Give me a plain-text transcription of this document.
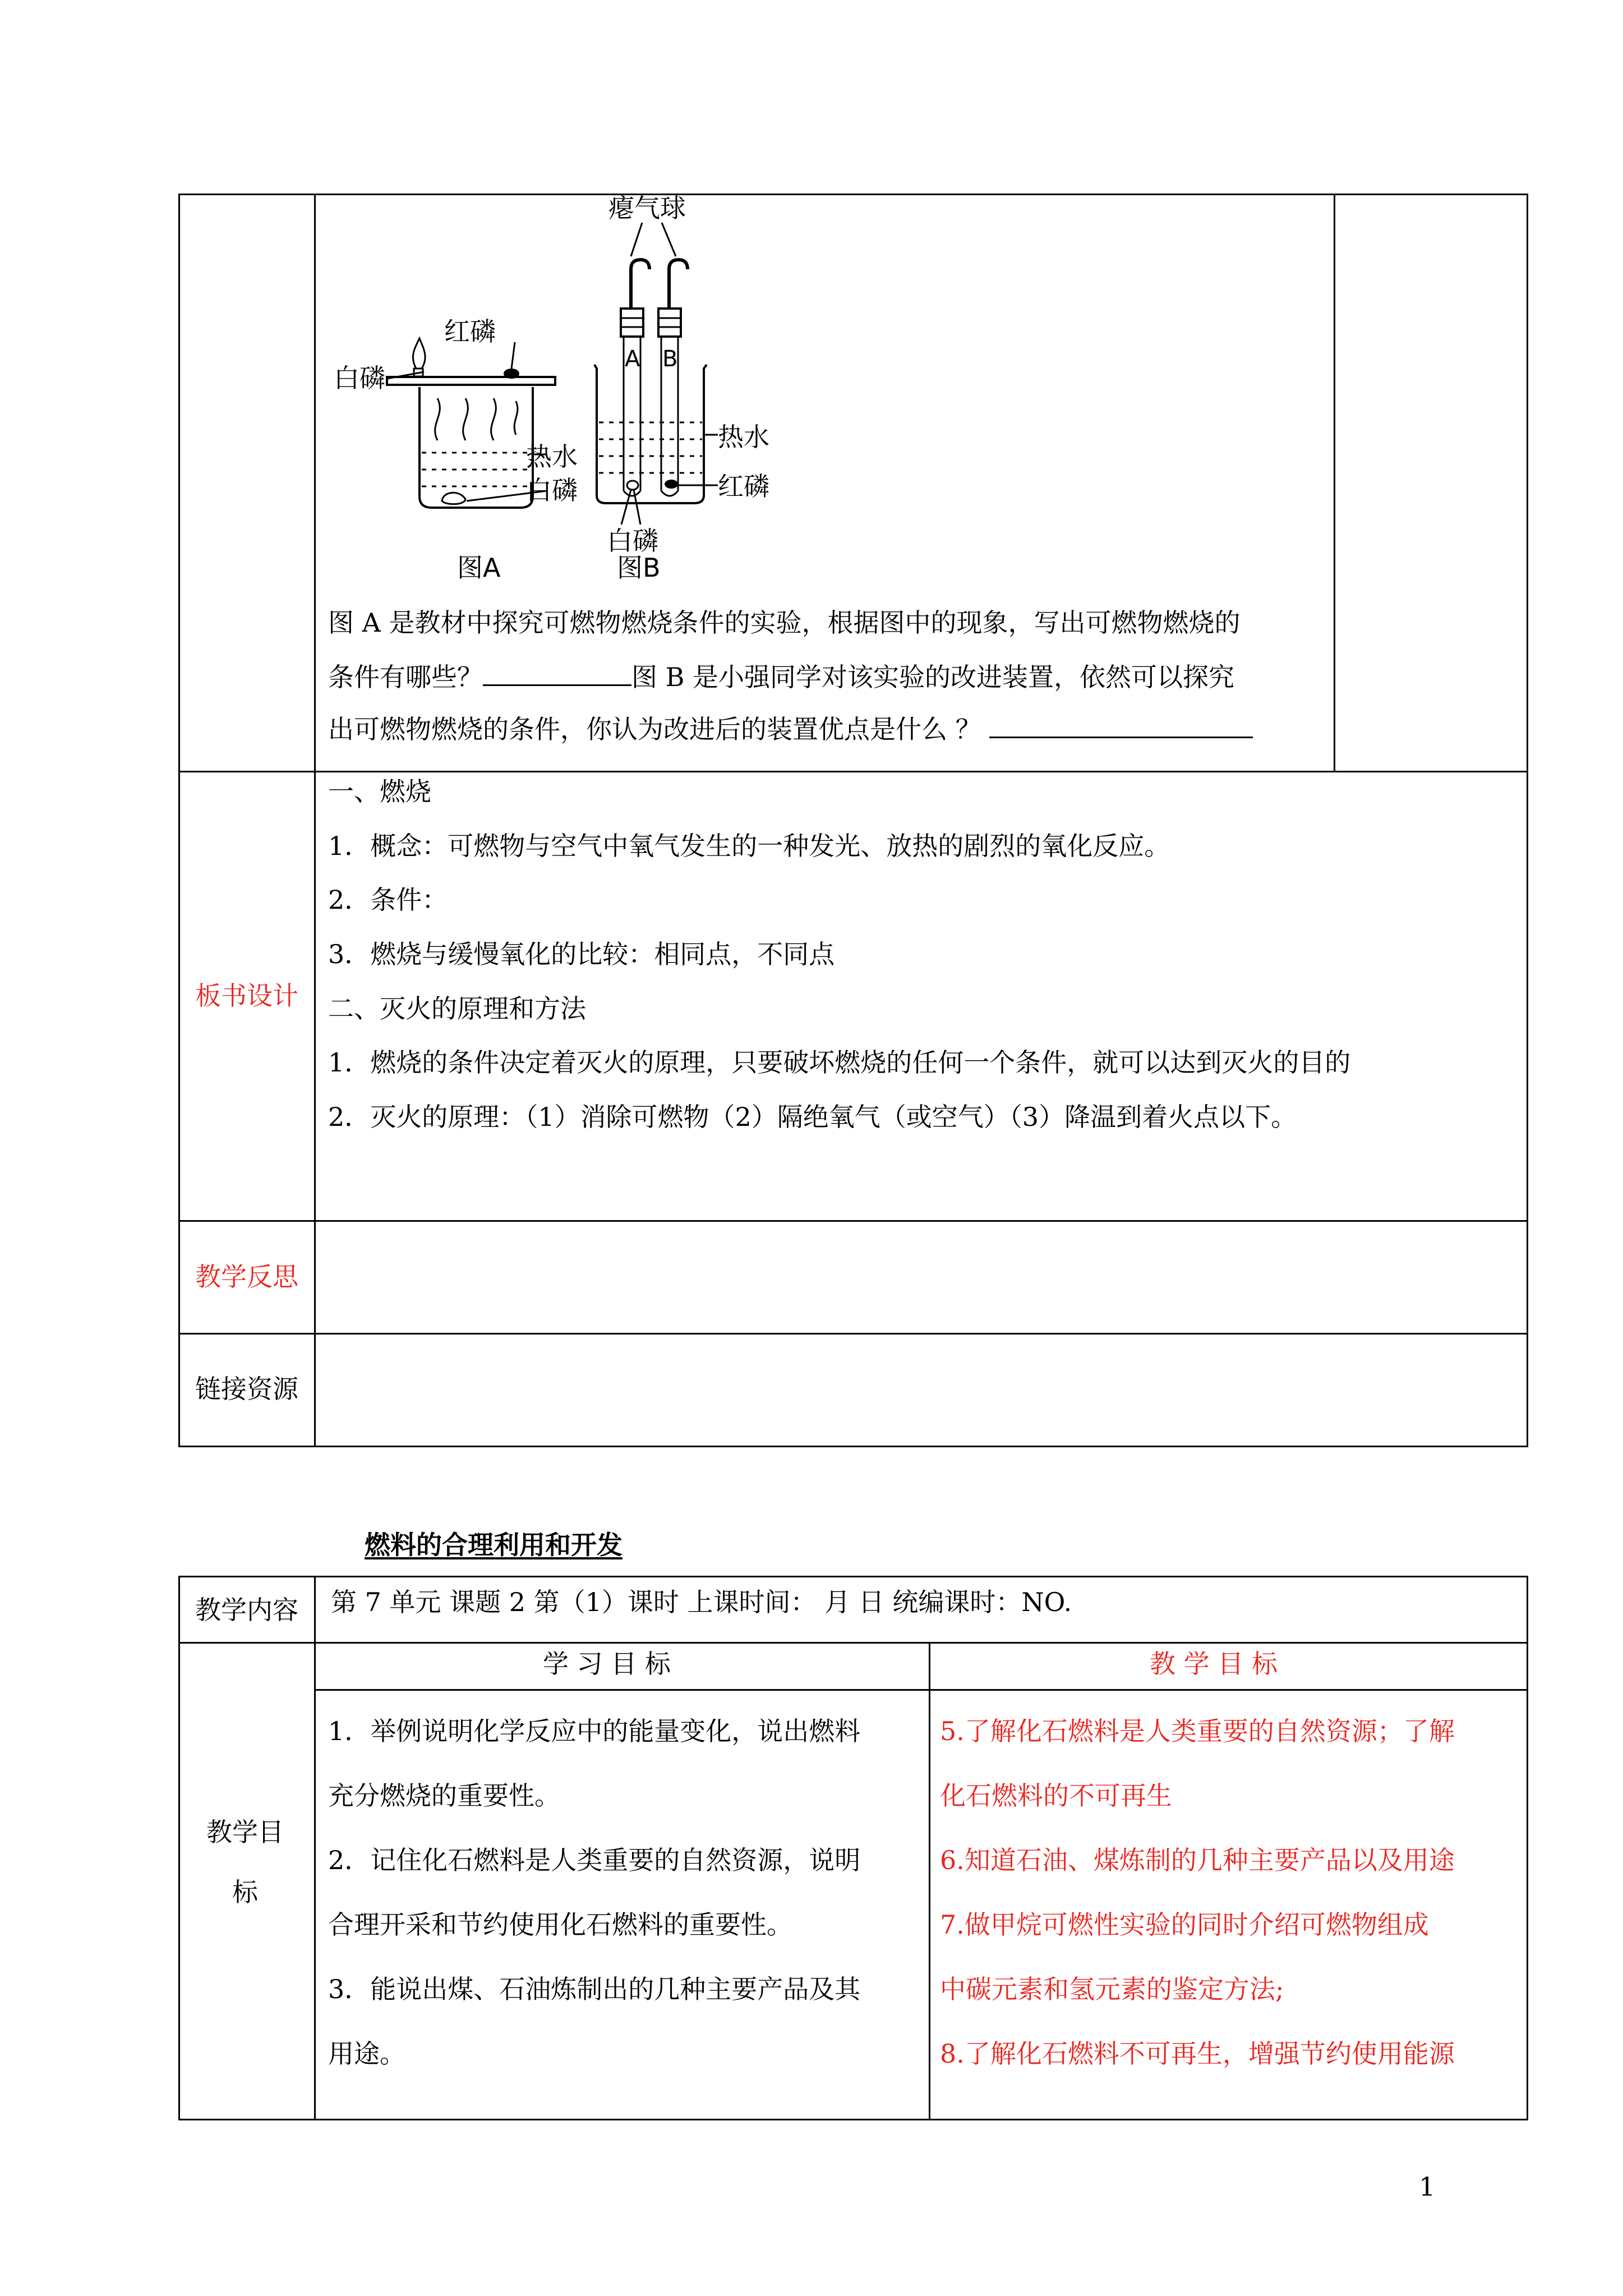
白磷
红磷
热水
白磷
图A
瘪气球
A B
热水
红磷
白磷
图B
图 A 是教材中探究可燃物燃烧条件的实验，根据图中的现象，写出可燃物燃烧的
条件有哪些？	图 B 是小强同学对该实验的改进装置，依然可以探究
出可燃物燃烧的条件，你认为改进后的装置优点是什么 ？
板书设计
一、燃烧
1．概念：可燃物与空气中氧气发生的一种发光、放热的剧烈的氧化反应。
2．条件：
3．燃烧与缓慢氧化的比较：相同点，不同点
二、灭火的原理和方法
1．燃烧的条件决定着灭火的原理，只要破坏燃烧的任何一个条件，就可以达到灭火的目的
2．灭火的原理：（1）消除可燃物（2）隔绝氧气（或空气）（3）降温到着火点以下。
教学反思
链接资源
燃料的合理利用和开发
教学内容 第 7 单元 课题 2 第（1）课时 上课时间： 月 日 统编课时：NO.
教学目
标
学 习 目 标	教 学 目 标
1．举例说明化学反应中的能量变化，说出燃料
充分燃烧的重要性。
2．记住化石燃料是人类重要的自然资源，说明
合理开采和节约使用化石燃料的重要性。
3．能说出煤、石油炼制出的几种主要产品及其
用途。
5.了解化石燃料是人类重要的自然资源；了解
化石燃料的不可再生
6.知道石油、煤炼制的几种主要产品以及用途
7.做甲烷可燃性实验的同时介绍可燃物组成
中碳元素和氢元素的鉴定方法;
8.了解化石燃料不可再生，增强节约使用能源
1
